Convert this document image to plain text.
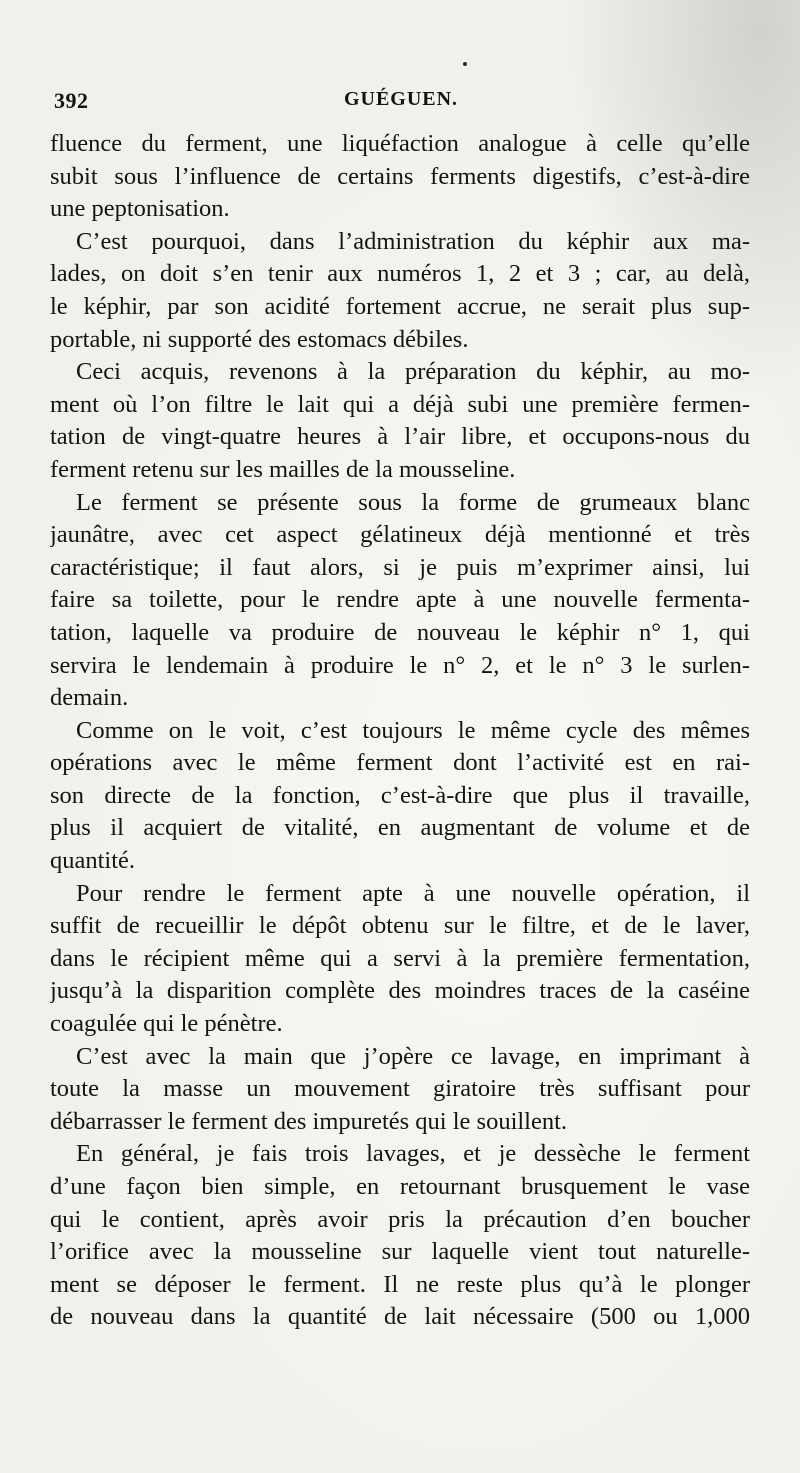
392	GUÉGUEN.
fluence du ferment, une liquéfaction analogue à celle qu’elle
subit sous l’influence de certains ferments digestifs, c’est-à-dire
une peptonisation.
C’est pourquoi, dans l’administration du képhir aux ma-
lades, on doit s’en tenir aux numéros 1, 2 et 3 ; car, au delà,
le képhir, par son acidité fortement accrue, ne serait plus sup-
portable, ni supporté des estomacs débiles.
Ceci acquis, revenons à la préparation du képhir, au mo-
ment où l’on filtre le lait qui a déjà subi une première fermen-
tation de vingt-quatre heures à l’air libre, et occupons-nous du
ferment retenu sur les mailles de la mousseline.
Le ferment se présente sous la forme de grumeaux blanc
jaunâtre, avec cet aspect gélatineux déjà mentionné et très
caractéristique; il faut alors, si je puis m’exprimer ainsi, lui
faire sa toilette, pour le rendre apte à une nouvelle fermenta-
tation, laquelle va produire de nouveau le képhir n° 1, qui
servira le lendemain à produire le n° 2, et le n° 3 le surlen-
demain.
Comme on le voit, c’est toujours le même cycle des mêmes
opérations avec le même ferment dont l’activité est en rai-
son directe de la fonction, c’est-à-dire que plus il travaille,
plus il acquiert de vitalité, en augmentant de volume et de
quantité.
Pour rendre le ferment apte à une nouvelle opération, il
suffit de recueillir le dépôt obtenu sur le filtre, et de le laver,
dans le récipient même qui a servi à la première fermentation,
jusqu’à la disparition complète des moindres traces de la caséine
coagulée qui le pénètre.
C’est avec la main que j’opère ce lavage, en imprimant à
toute la masse un mouvement giratoire très suffisant pour
débarrasser le ferment des impuretés qui le souillent.
En général, je fais trois lavages, et je dessèche le ferment
d’une façon bien simple, en retournant brusquement le vase
qui le contient, après avoir pris la précaution d’en boucher
l’orifice avec la mousseline sur laquelle vient tout naturelle-
ment se déposer le ferment. Il ne reste plus qu’à le plonger
de nouveau dans la quantité de lait nécessaire (500 ou 1,000
